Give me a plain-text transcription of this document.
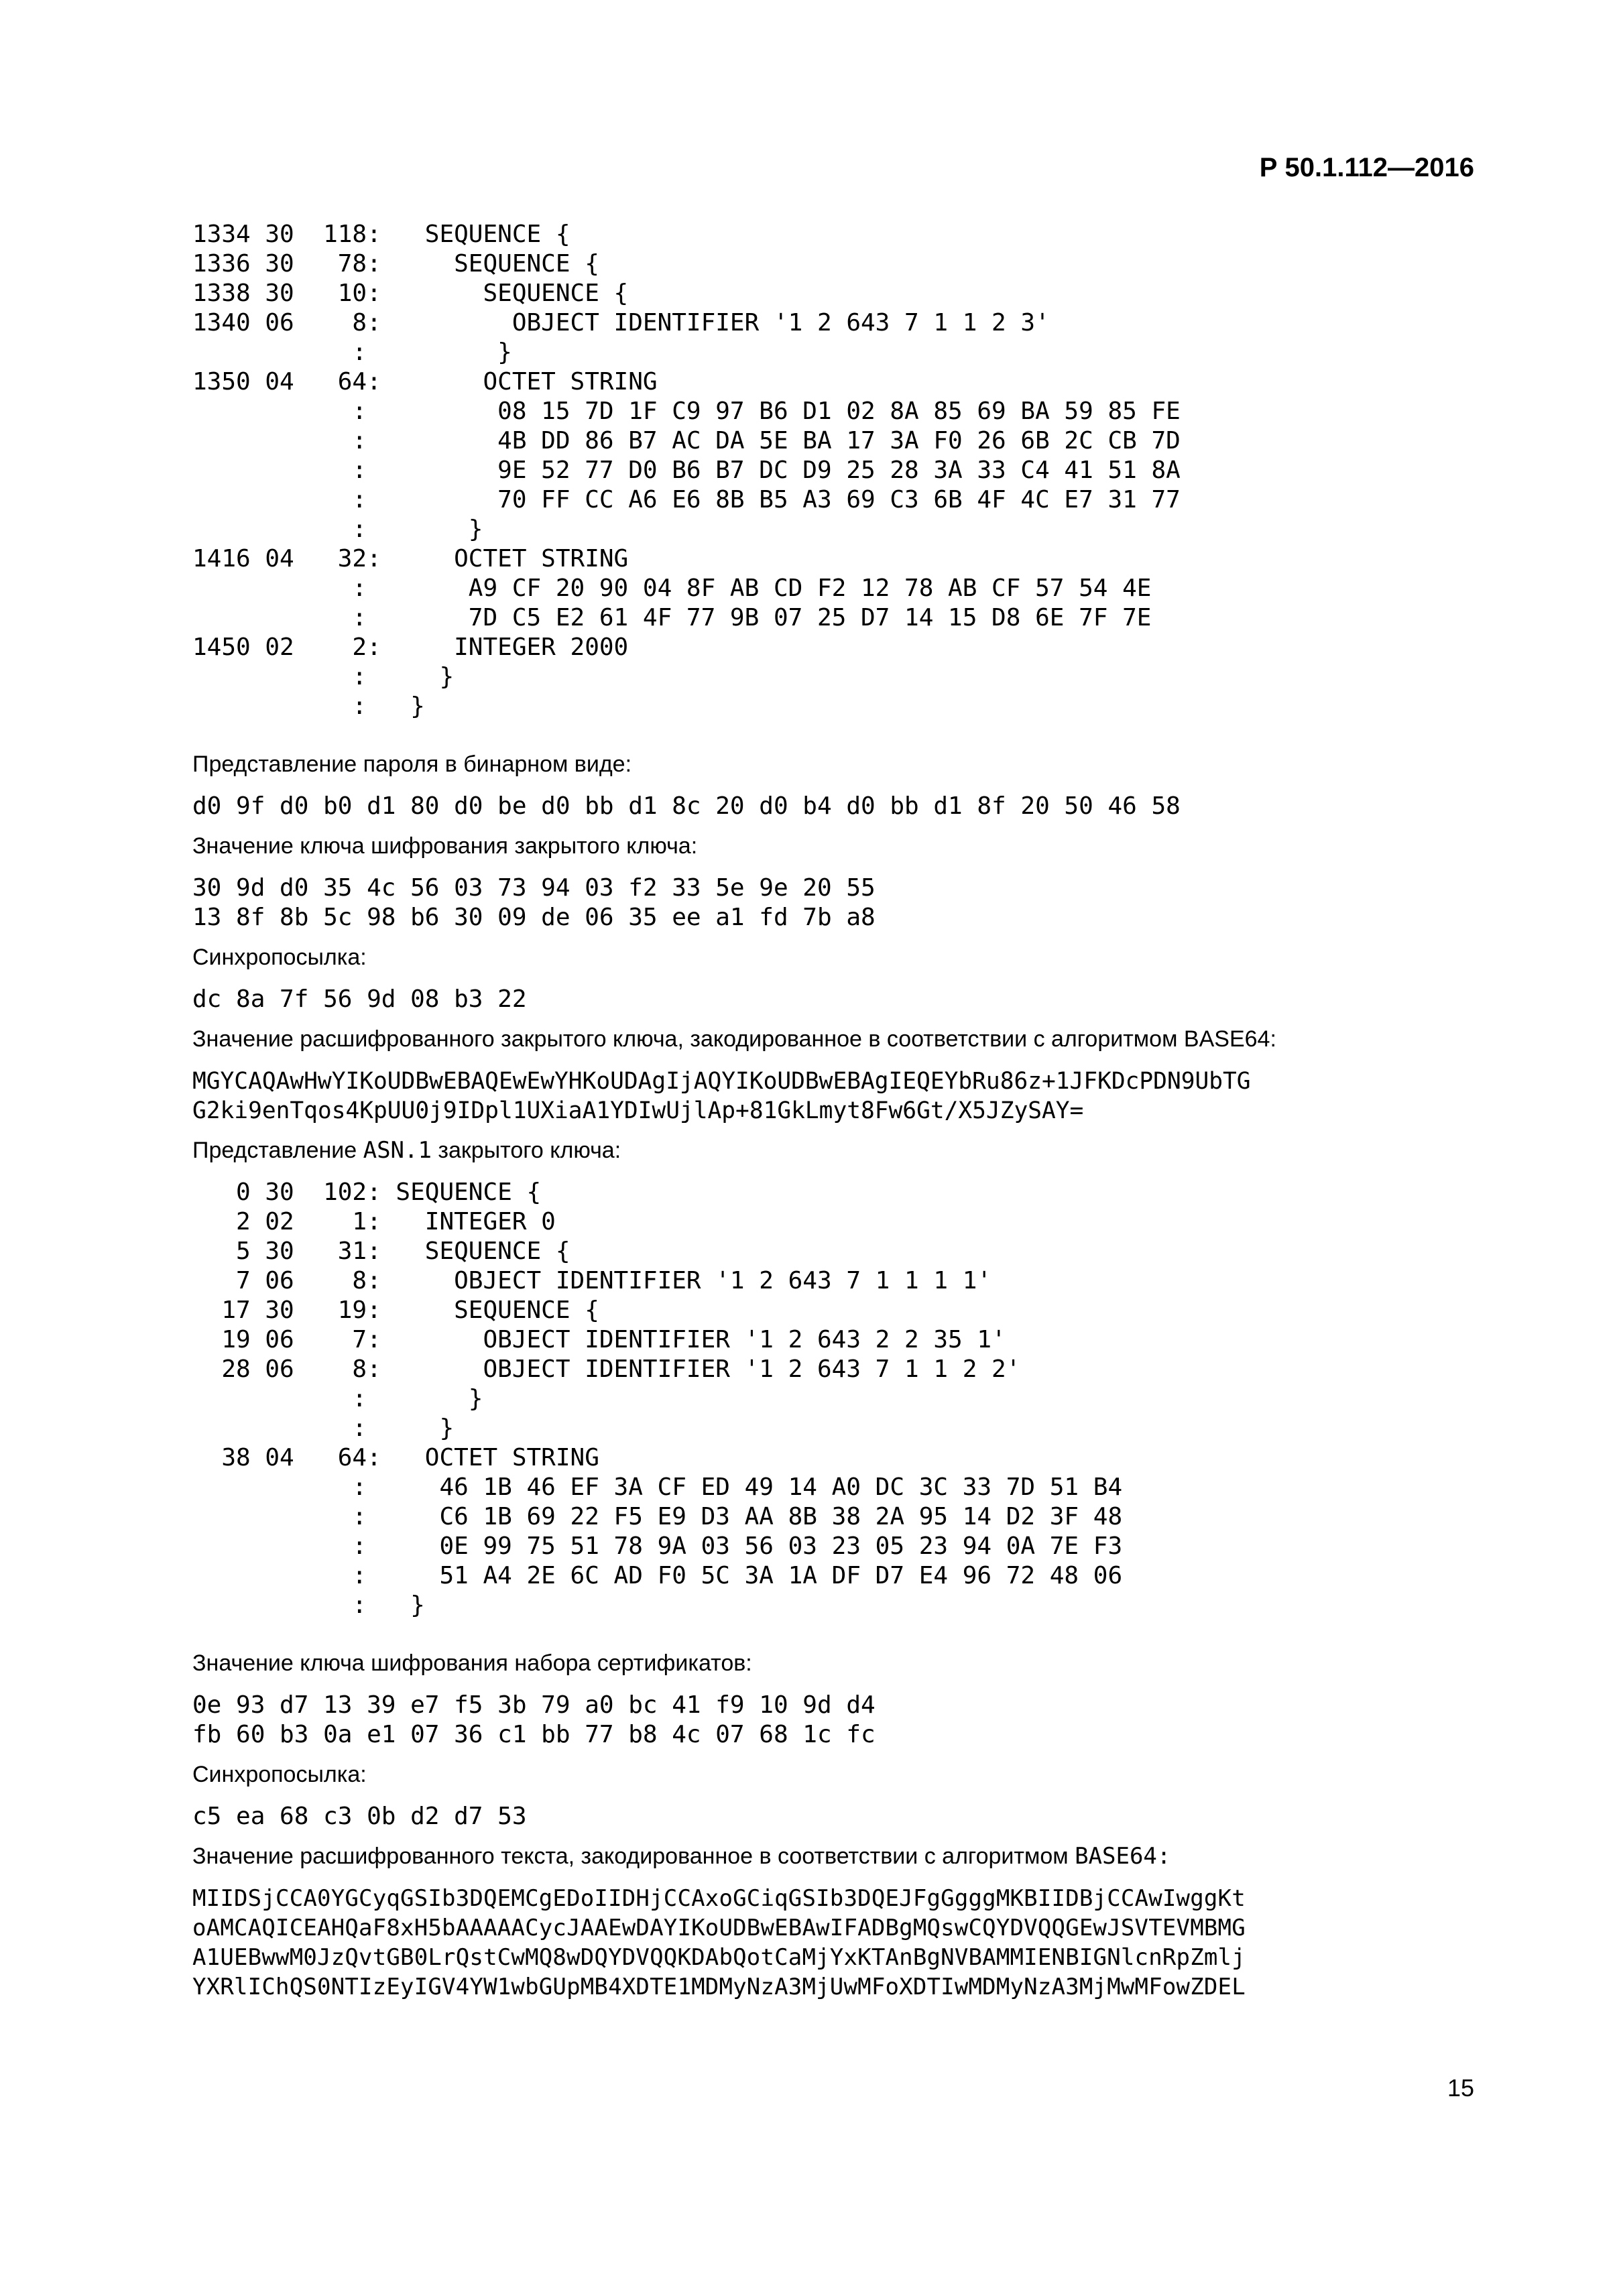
Р 50.1.112—2016

1334 30  118:   SEQUENCE {
1336 30   78:     SEQUENCE {
1338 30   10:       SEQUENCE {
1340 06    8:         OBJECT IDENTIFIER '1 2 643 7 1 1 2 3'
:         }
1350 04   64:       OCTET STRING
:         08 15 7D 1F C9 97 B6 D1 02 8A 85 69 BA 59 85 FE
:         4B DD 86 B7 AC DA 5E BA 17 3A F0 26 6B 2C CB 7D
:         9E 52 77 D0 B6 B7 DC D9 25 28 3A 33 C4 41 51 8A
:         70 FF CC A6 E6 8B B5 A3 69 C3 6B 4F 4C E7 31 77
:       }
1416 04   32:     OCTET STRING
:       A9 CF 20 90 04 8F AB CD F2 12 78 AB CF 57 54 4E
:       7D C5 E2 61 4F 77 9B 07 25 D7 14 15 D8 6E 7F 7E
1450 02    2:     INTEGER 2000
:     }
:   }

Представление пароля в бинарном виде:

d0 9f d0 b0 d1 80 d0 be d0 bb d1 8c 20 d0 b4 d0 bb d1 8f 20 50 46 58

Значение ключа шифрования закрытого ключа:

30 9d d0 35 4c 56 03 73 94 03 f2 33 5e 9e 20 55
13 8f 8b 5c 98 b6 30 09 de 06 35 ee a1 fd 7b a8

Синхропосылка:

dc 8a 7f 56 9d 08 b3 22

Значение расшифрованного закрытого ключа, закодированное в соответствии с алгоритмом BASE64:

MGYCAQAwHwYIKoUDBwEBAQEwEwYHKoUDAgIjAQYIKoUDBwEBAgIEQEYbRu86z+1JFKDcPDN9UbTG
G2ki9enTqos4KpUU0j9IDpl1UXiaA1YDIwUjlAp+81GkLmyt8Fw6Gt/X5JZySAY=

Представление ASN.1 закрытого ключа:

0 30  102: SEQUENCE {
2 02    1:   INTEGER 0
5 30   31:   SEQUENCE {
7 06    8:     OBJECT IDENTIFIER '1 2 643 7 1 1 1 1'
17 30   19:     SEQUENCE {
19 06    7:       OBJECT IDENTIFIER '1 2 643 2 2 35 1'
28 06    8:       OBJECT IDENTIFIER '1 2 643 7 1 1 2 2'
:       }
:     }
38 04   64:   OCTET STRING
:     46 1B 46 EF 3A CF ED 49 14 A0 DC 3C 33 7D 51 B4
:     C6 1B 69 22 F5 E9 D3 AA 8B 38 2A 95 14 D2 3F 48
:     0E 99 75 51 78 9A 03 56 03 23 05 23 94 0A 7E F3
:     51 A4 2E 6C AD F0 5C 3A 1A DF D7 E4 96 72 48 06
:   }

Значение ключа шифрования набора сертификатов:

0e 93 d7 13 39 e7 f5 3b 79 a0 bc 41 f9 10 9d d4
fb 60 b3 0a e1 07 36 c1 bb 77 b8 4c 07 68 1c fc

Синхропосылка:

c5 ea 68 c3 0b d2 d7 53

Значение расшифрованного текста, закодированное в соответствии с алгоритмом BASE64:

MIIDSjCCA0YGCyqGSIb3DQEMCgEDoIIDHjCCAxoGCiqGSIb3DQEJFgGgggMKBIIDBjCCAwIwggKt
oAMCAQICEAHQaF8xH5bAAAAACycJAAEwDAYIKoUDBwEBAwIFADBgMQswCQYDVQQGEwJSVTEVMBMG
A1UEBwwM0JzQvtGB0LrQstCwMQ8wDQYDVQQKDAbQotCaMjYxKTAnBgNVBAMMIENBIGNlcnRpZmlj
YXRlIChQS0NTIzEyIGV4YW1wbGUpMB4XDTE1MDMyNzA3MjUwMFoXDTIwMDMyNzA3MjMwMFowZDEL

15
